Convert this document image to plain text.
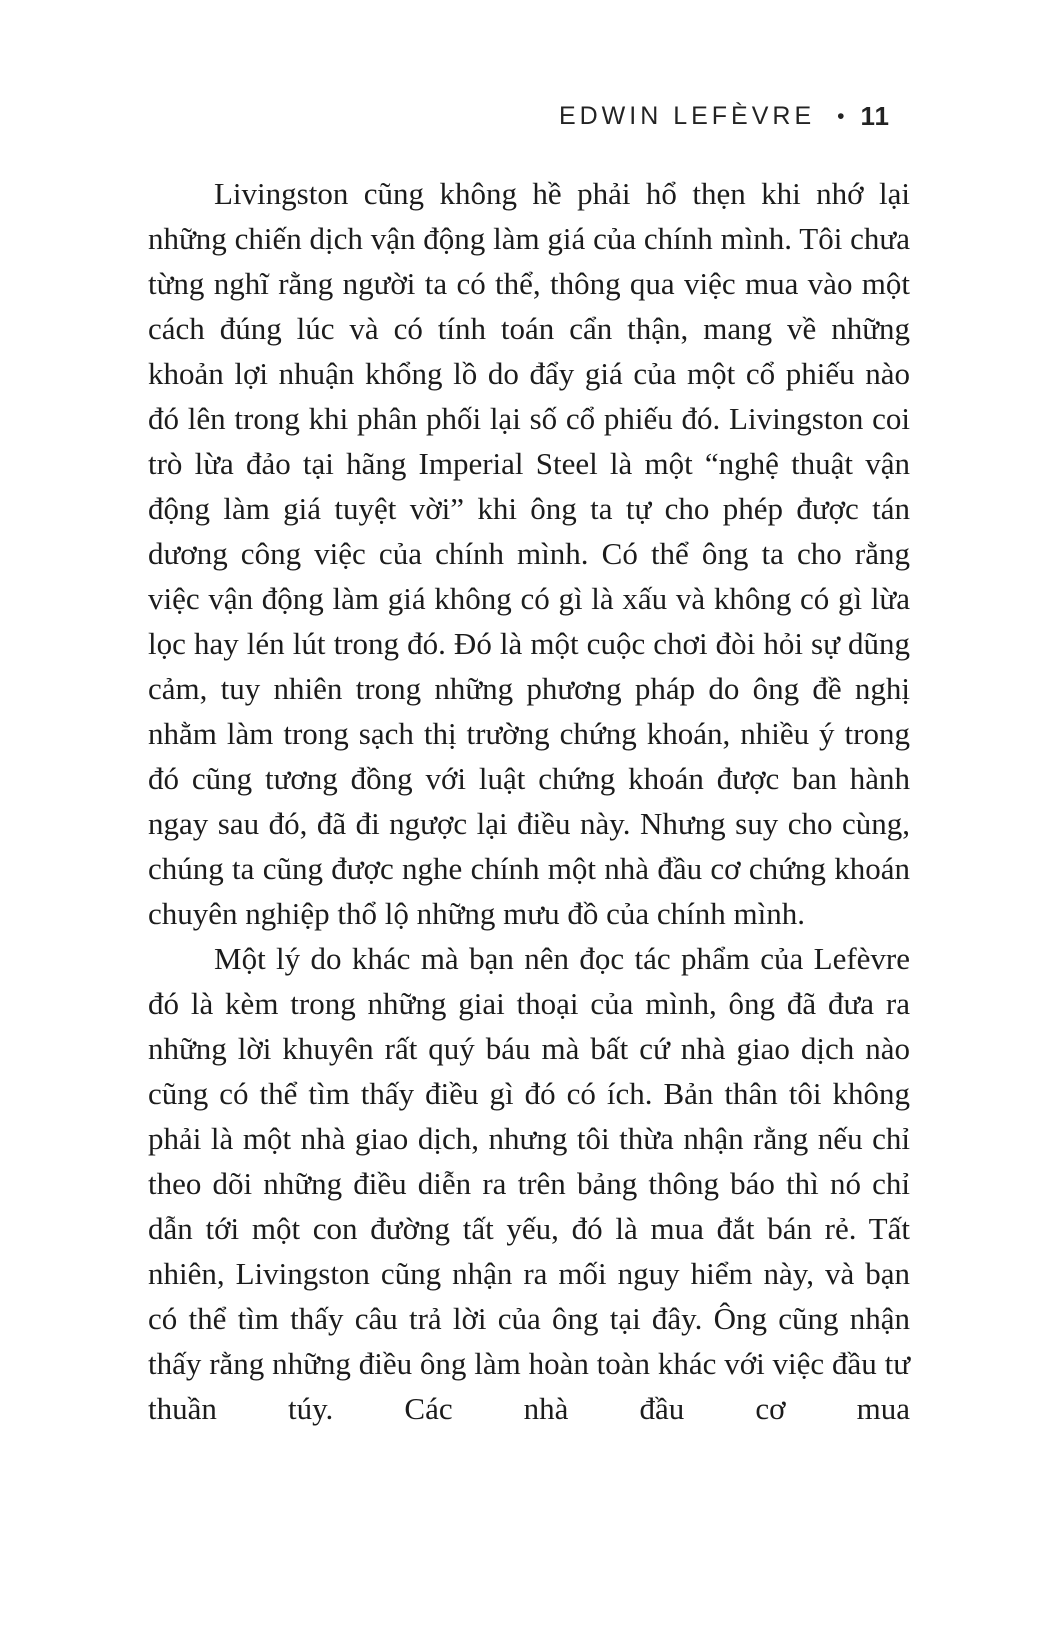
EDWIN LEFÈVRE • 11

Livingston cũng không hề phải hổ thẹn khi nhớ lại những chiến dịch vận động làm giá của chính mình. Tôi chưa từng nghĩ rằng người ta có thể, thông qua việc mua vào một cách đúng lúc và có tính toán cẩn thận, mang về những khoản lợi nhuận khổng lồ do đẩy giá của một cổ phiếu nào đó lên trong khi phân phối lại số cổ phiếu đó. Livingston coi trò lừa đảo tại hãng Imperial Steel là một “nghệ thuật vận động làm giá tuyệt vời” khi ông ta tự cho phép được tán dương công việc của chính mình. Có thể ông ta cho rằng việc vận động làm giá không có gì là xấu và không có gì lừa lọc hay lén lút trong đó. Đó là một cuộc chơi đòi hỏi sự dũng cảm, tuy nhiên trong những phương pháp do ông đề nghị nhằm làm trong sạch thị trường chứng khoán, nhiều ý trong đó cũng tương đồng với luật chứng khoán được ban hành ngay sau đó, đã đi ngược lại điều này. Nhưng suy cho cùng, chúng ta cũng được nghe chính một nhà đầu cơ chứng khoán chuyên nghiệp thổ lộ những mưu đồ của chính mình.

Một lý do khác mà bạn nên đọc tác phẩm của Lefèvre đó là kèm trong những giai thoại của mình, ông đã đưa ra những lời khuyên rất quý báu mà bất cứ nhà giao dịch nào cũng có thể tìm thấy điều gì đó có ích. Bản thân tôi không phải là một nhà giao dịch, nhưng tôi thừa nhận rằng nếu chỉ theo dõi những điều diễn ra trên bảng thông báo thì nó chỉ dẫn tới một con đường tất yếu, đó là mua đắt bán rẻ. Tất nhiên, Livingston cũng nhận ra mối nguy hiểm này, và bạn có thể tìm thấy câu trả lời của ông tại đây. Ông cũng nhận thấy rằng những điều ông làm hoàn toàn khác với việc đầu tư thuần túy. Các nhà đầu cơ mua
